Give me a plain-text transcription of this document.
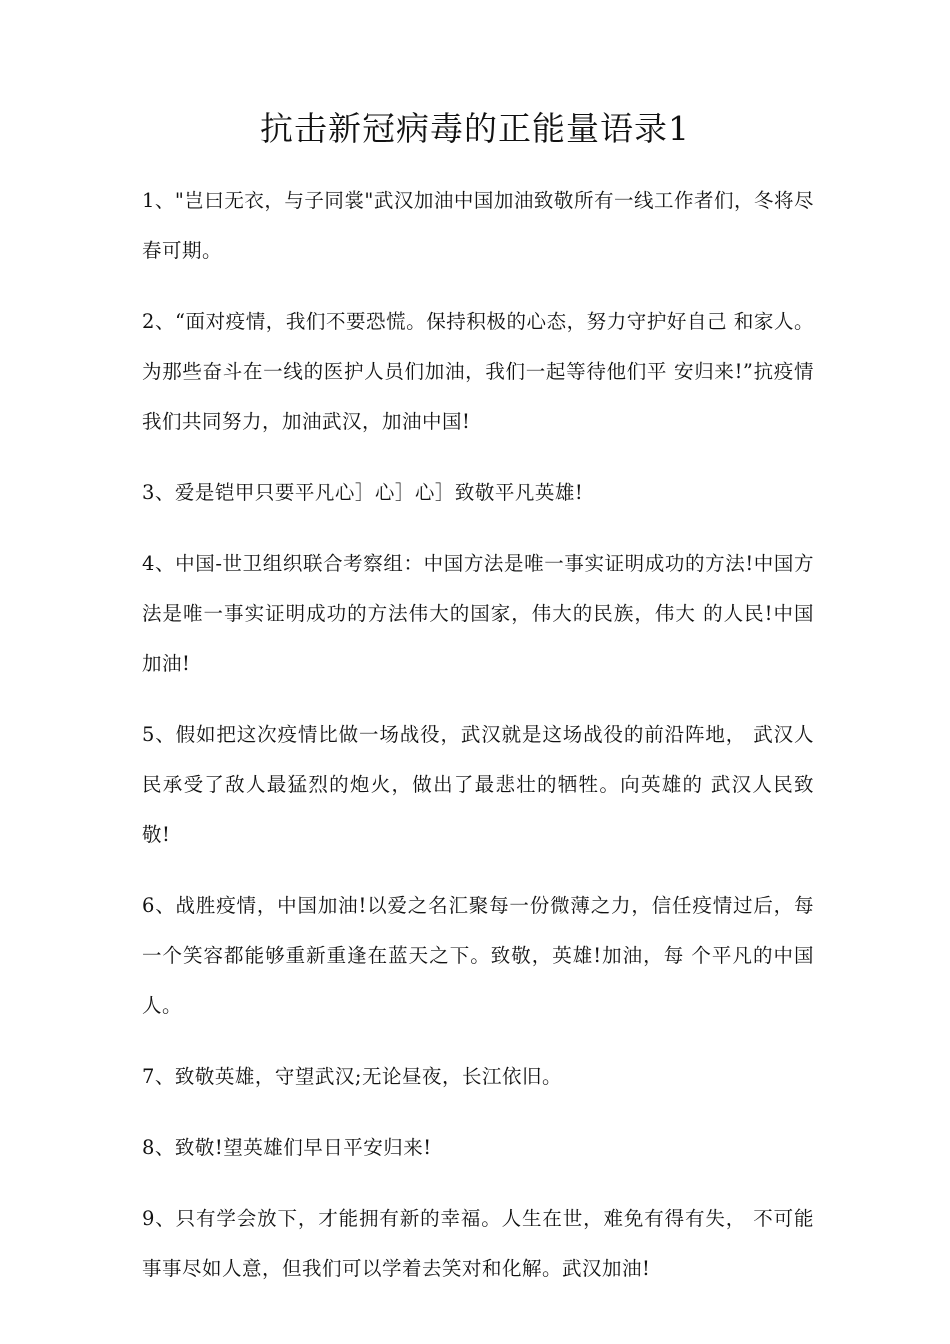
抗击新冠病毒的正能量语录1

1、"岂曰无衣，与子同裳"武汉加油中国加油致敬所有一线工作者们，冬将尽春可期。

2、“面对疫情，我们不要恐慌。保持积极的心态，努力守护好自己 和家人。为那些奋斗在一线的医护人员们加油，我们一起等待他们平 安归来!”抗疫情我们共同努力，加油武汉，加油中国!

3、爱是铠甲只要平凡心］心］心］致敬平凡英雄!

4、中国-世卫组织联合考察组：中国方法是唯一事实证明成功的方法!中国方法是唯一事实证明成功的方法伟大的国家，伟大的民族，伟大 的人民!中国加油!

5、假如把这次疫情比做一场战役，武汉就是这场战役的前沿阵地， 武汉人民承受了敌人最猛烈的炮火，做出了最悲壮的牺牲。向英雄的 武汉人民致敬!

6、战胜疫情，中国加油!以爱之名汇聚每一份微薄之力，信任疫情过后，每一个笑容都能够重新重逢在蓝天之下。致敬，英雄!加油，每 个平凡的中国人。

7、致敬英雄，守望武汉;无论昼夜，长江依旧。

8、致敬!望英雄们早日平安归来!

9、只有学会放下，才能拥有新的幸福。人生在世，难免有得有失， 不可能事事尽如人意，但我们可以学着去笑对和化解。武汉加油!
